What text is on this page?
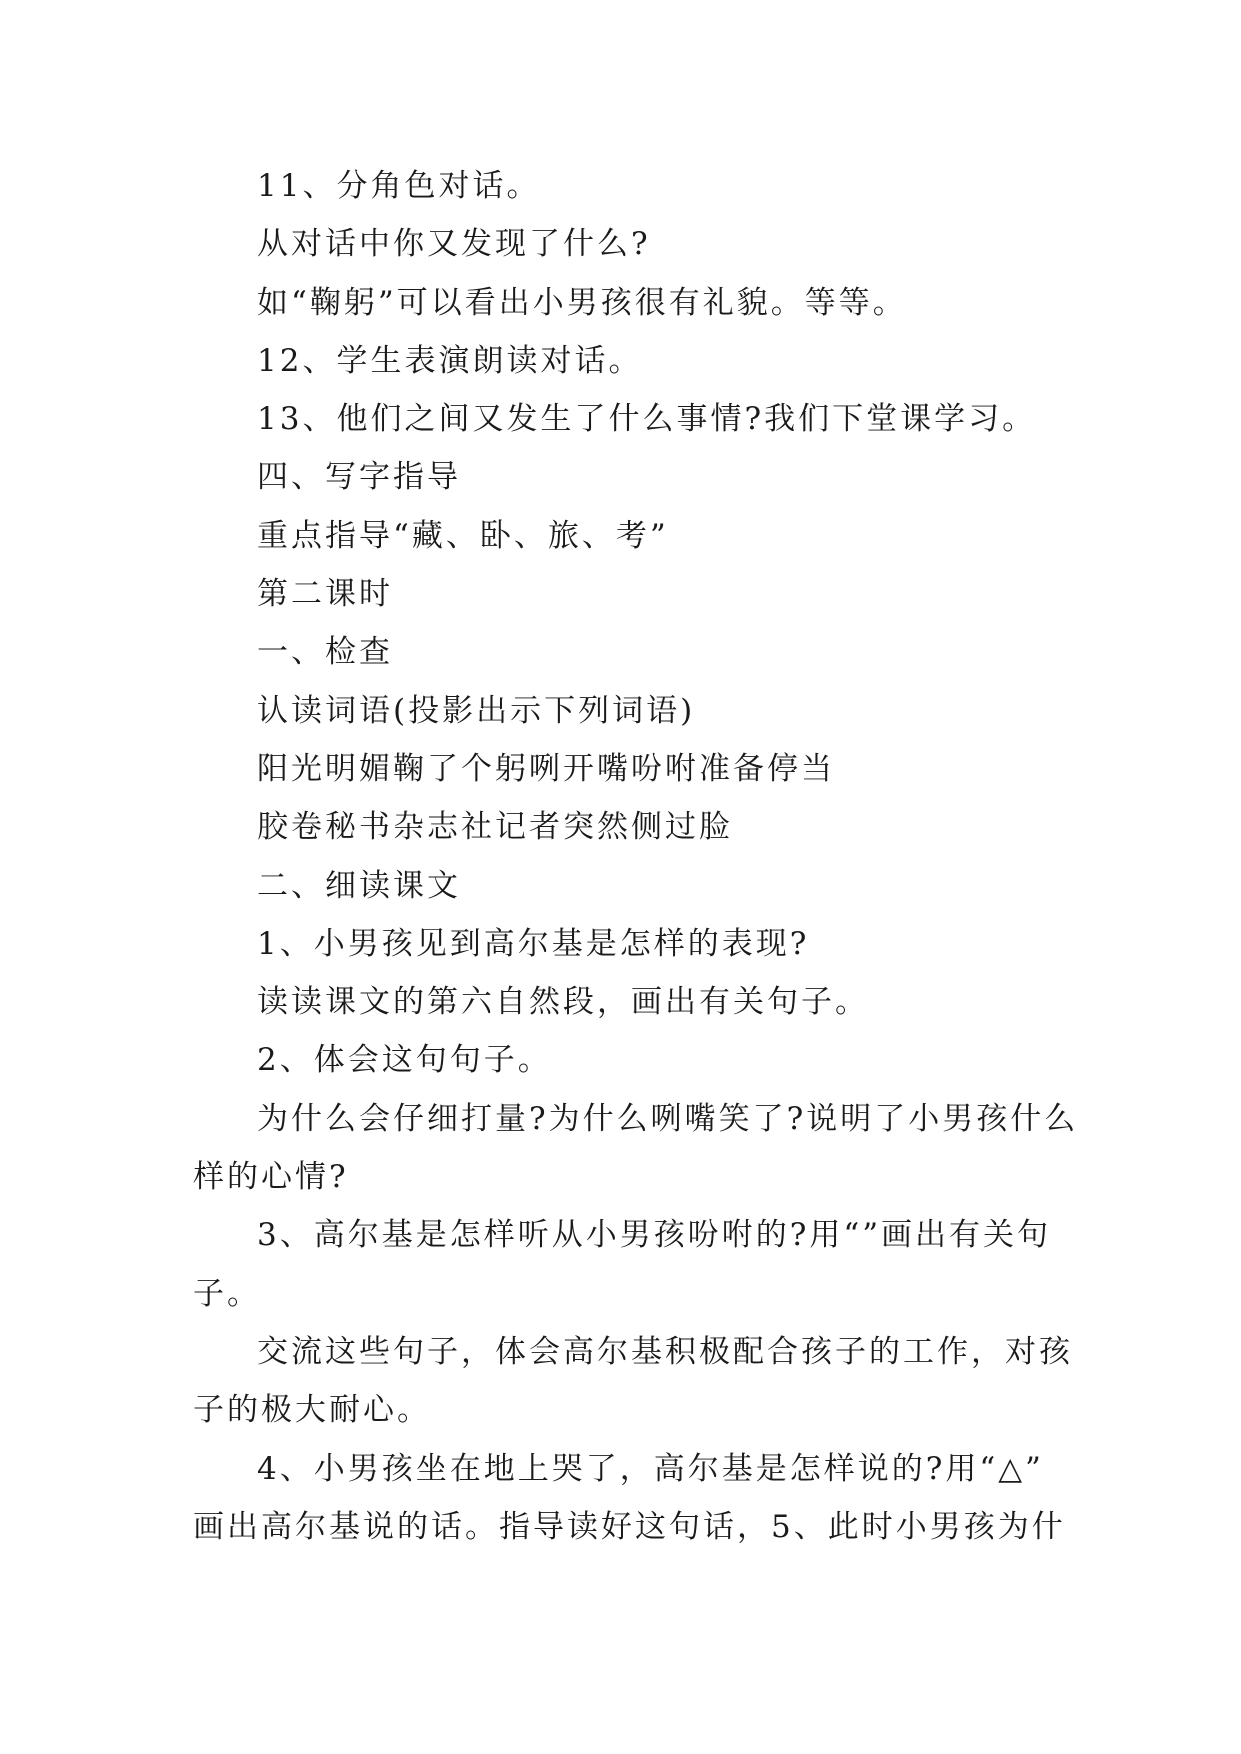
11、分角色对话。
从对话中你又发现了什么?
如“鞠躬”可以看出小男孩很有礼貌。等等。
12、学生表演朗读对话。
13、他们之间又发生了什么事情?我们下堂课学习。
四、写字指导
重点指导“藏、卧、旅、考”
第二课时
一、检查
认读词语(投影出示下列词语)
阳光明媚鞠了个躬咧开嘴吩咐准备停当
胶卷秘书杂志社记者突然侧过脸
二、细读课文
1、小男孩见到高尔基是怎样的表现?
读读课文的第六自然段，画出有关句子。
2、体会这句句子。
为什么会仔细打量?为什么咧嘴笑了?说明了小男孩什么
样的心情?
3、高尔基是怎样听从小男孩吩咐的?用“”画出有关句
子。
交流这些句子，体会高尔基积极配合孩子的工作，对孩
子的极大耐心。
4、小男孩坐在地上哭了，高尔基是怎样说的?用“△”
画出高尔基说的话。指导读好这句话，5、此时小男孩为什
